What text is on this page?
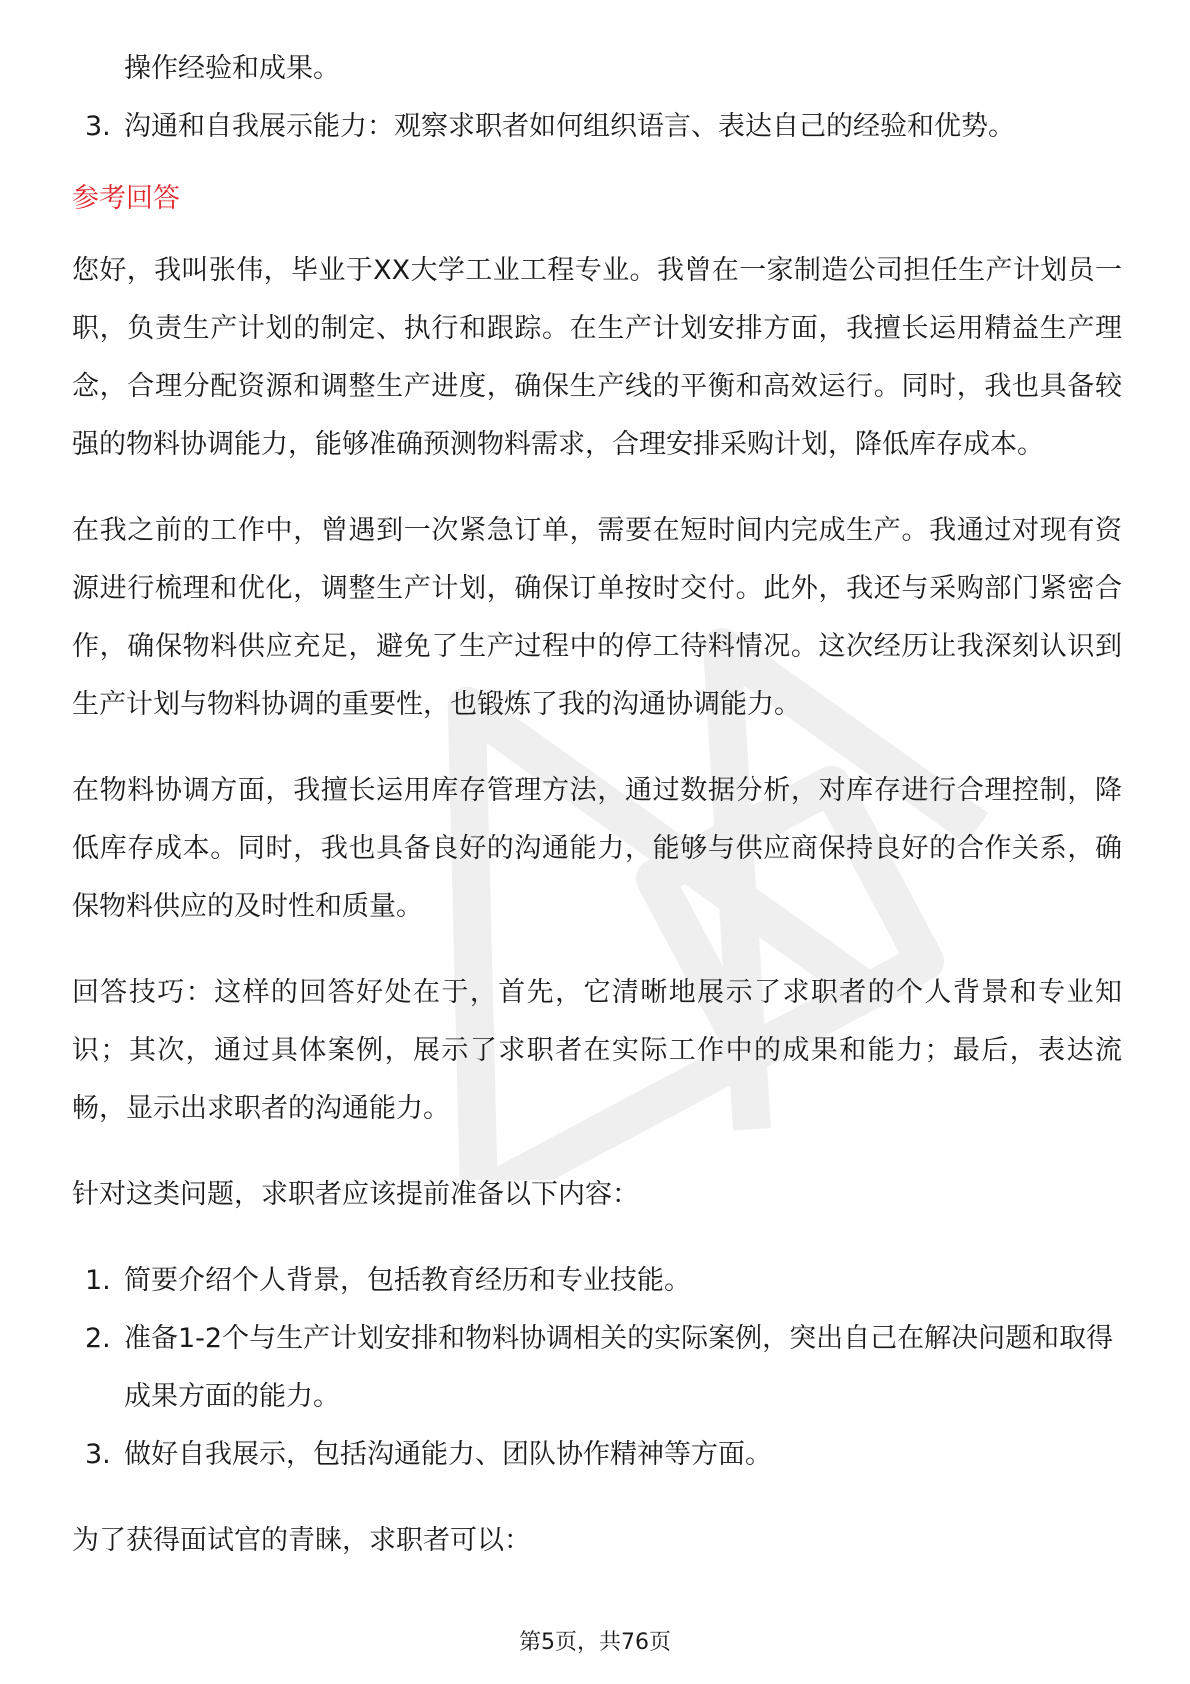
操作经验和成果。
3. 沟通和自我展示能力：观察求职者如何组织语言、表达自己的经验和优势。
参考回答

您好，我叫张伟，毕业于XX大学工业工程专业。我曾在一家制造公司担任生产计划员一职，负责生产计划的制定、执行和跟踪。在生产计划安排方面，我擅长运用精益生产理念，合理分配资源和调整生产进度，确保生产线的平衡和高效运行。同时，我也具备较强的物料协调能力，能够准确预测物料需求，合理安排采购计划，降低库存成本。

在我之前的工作中，曾遇到一次紧急订单，需要在短时间内完成生产。我通过对现有资源进行梳理和优化，调整生产计划，确保订单按时交付。此外，我还与采购部门紧密合作，确保物料供应充足，避免了生产过程中的停工待料情况。这次经历让我深刻认识到生产计划与物料协调的重要性，也锻炼了我的沟通协调能力。

在物料协调方面，我擅长运用库存管理方法，通过数据分析，对库存进行合理控制，降低库存成本。同时，我也具备良好的沟通能力，能够与供应商保持良好的合作关系，确保物料供应的及时性和质量。

回答技巧：这样的回答好处在于，首先，它清晰地展示了求职者的个人背景和专业知识；其次，通过具体案例，展示了求职者在实际工作中的成果和能力；最后，表达流畅，显示出求职者的沟通能力。

针对这类问题，求职者应该提前准备以下内容：

1. 简要介绍个人背景，包括教育经历和专业技能。
2. 准备1-2个与生产计划安排和物料协调相关的实际案例，突出自己在解决问题和取得成果方面的能力。
3. 做好自我展示，包括沟通能力、团队协作精神等方面。

为了获得面试官的青睐，求职者可以：

第5页，共76页
